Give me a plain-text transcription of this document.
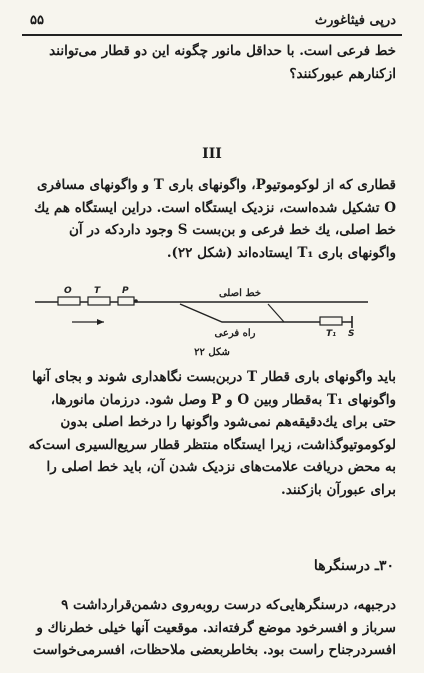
۵۵	درپی فیثاغورث
خط فرعی است. با حداقل مانور چگونه این دو قطار می‌توانند ازکنارهم عبورکنند؟
III
قطاری که از لوکوموتیوP، واگونهای باری T و واگونهای مسافری O تشکیل شده‌است، نزدیک ایستگاه است. دراین ایستگاه هم یك خط اصلی، یك خط فرعی و بن‌بست S وجود داردکه در آن واگونهای باری T₁ ایستاده‌اند (شکل ۲۲).
O T P	خط اصلی
راه فرعی	T₁ S
شکل ۲۲
باید واگونهای باری قطار T دربن‌بست نگاهداری شوند و بجای آنها واگونهای T₁ به‌قطار وبین O و P وصل شود. درزمان مانورها، حتی برای یك‌دقیقه‌هم نمی‌شود واگونها را درخط اصلی بدون لوکوموتیوگذاشت، زیرا ایستگاه منتظر قطار سریع‌السیری است‌که به محض دریافت علامت‌های نزدیک شدن آن، باید خط اصلی را برای عبورآن بازکنند.
۳۰ـ درسنگرها
درجبهه، درسنگرهایی‌که درست روبه‌روی دشمن‌قرارداشت ۹ سرباز و افسرخود موضع گرفته‌اند. موقعیت آنها خیلی خطرناك و افسردرجناح راست بود. بخاطربعضی ملاحظات، افسرمی‌خواست
